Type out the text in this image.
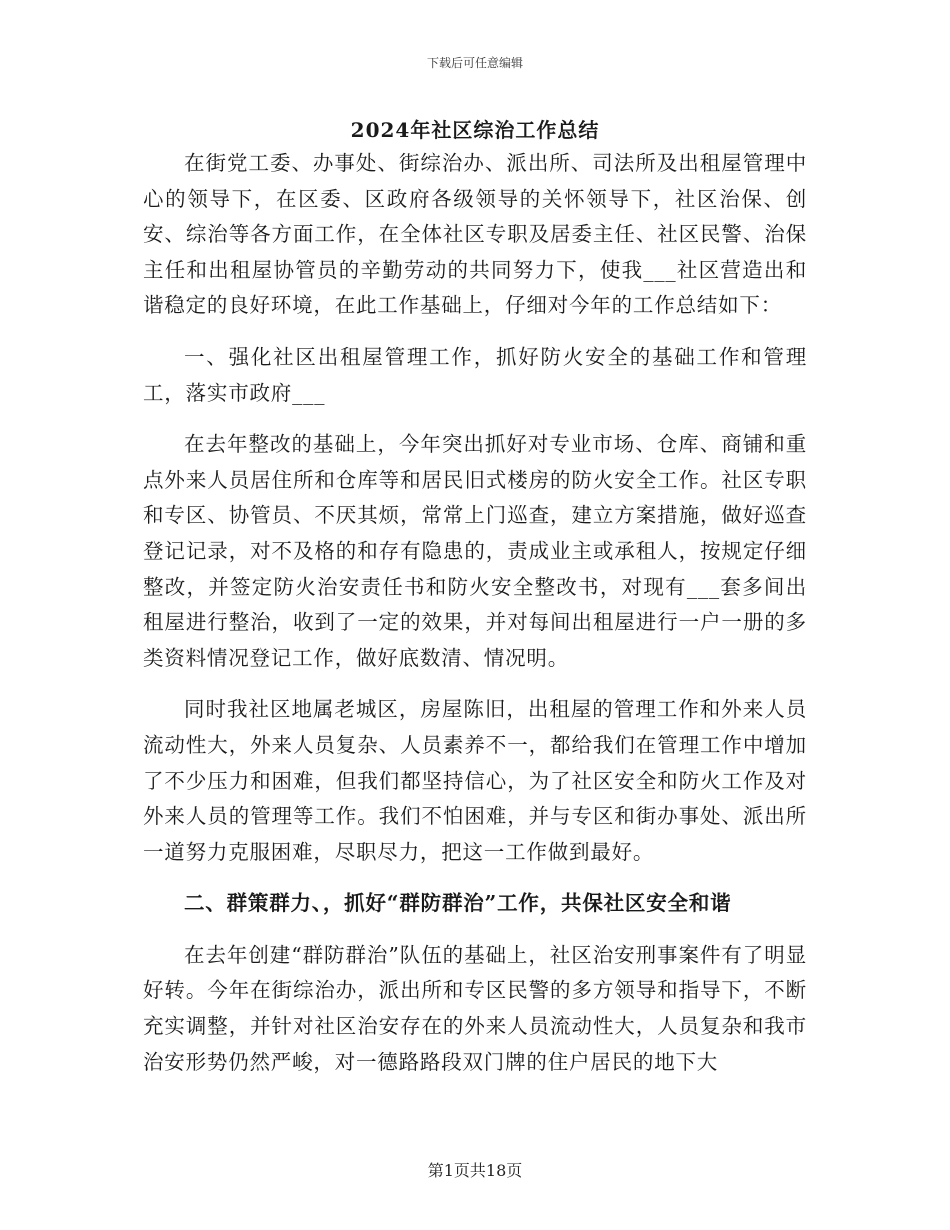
下载后可任意编辑
2024年社区综治工作总结

在街党工委、办事处、街综治办、派出所、司法所及出租屋管理中心的领导下，在区委、区政府各级领导的关怀领导下，社区治保、创安、综治等各方面工作，在全体社区专职及居委主任、社区民警、治保主任和出租屋协管员的辛勤劳动的共同努力下，使我___社区营造出和谐稳定的良好环境，在此工作基础上，仔细对今年的工作总结如下：

一、强化社区出租屋管理工作，抓好防火安全的基础工作和管理工，落实市政府___

在去年整改的基础上，今年突出抓好对专业市场、仓库、商铺和重点外来人员居住所和仓库等和居民旧式楼房的防火安全工作。社区专职和专区、协管员、不厌其烦，常常上门巡查，建立方案措施，做好巡查登记记录，对不及格的和存有隐患的，责成业主或承租人，按规定仔细整改，并签定防火治安责任书和防火安全整改书，对现有___套多间出租屋进行整治，收到了一定的效果，并对每间出租屋进行一户一册的多类资料情况登记工作，做好底数清、情况明。

同时我社区地属老城区，房屋陈旧，出租屋的管理工作和外来人员流动性大，外来人员复杂、人员素养不一，都给我们在管理工作中增加了不少压力和困难，但我们都坚持信心，为了社区安全和防火工作及对外来人员的管理等工作。我们不怕困难，并与专区和街办事处、派出所一道努力克服困难，尽职尽力，把这一工作做到最好。

二、群策群力、，抓好“群防群治”工作，共保社区安全和谐

在去年创建“群防群治”队伍的基础上，社区治安刑事案件有了明显好转。今年在街综治办，派出所和专区民警的多方领导和指导下，不断充实调整，并针对社区治安存在的外来人员流动性大，人员复杂和我市治安形势仍然严峻，对一德路路段双门牌的住户居民的地下大

第1页共18页
